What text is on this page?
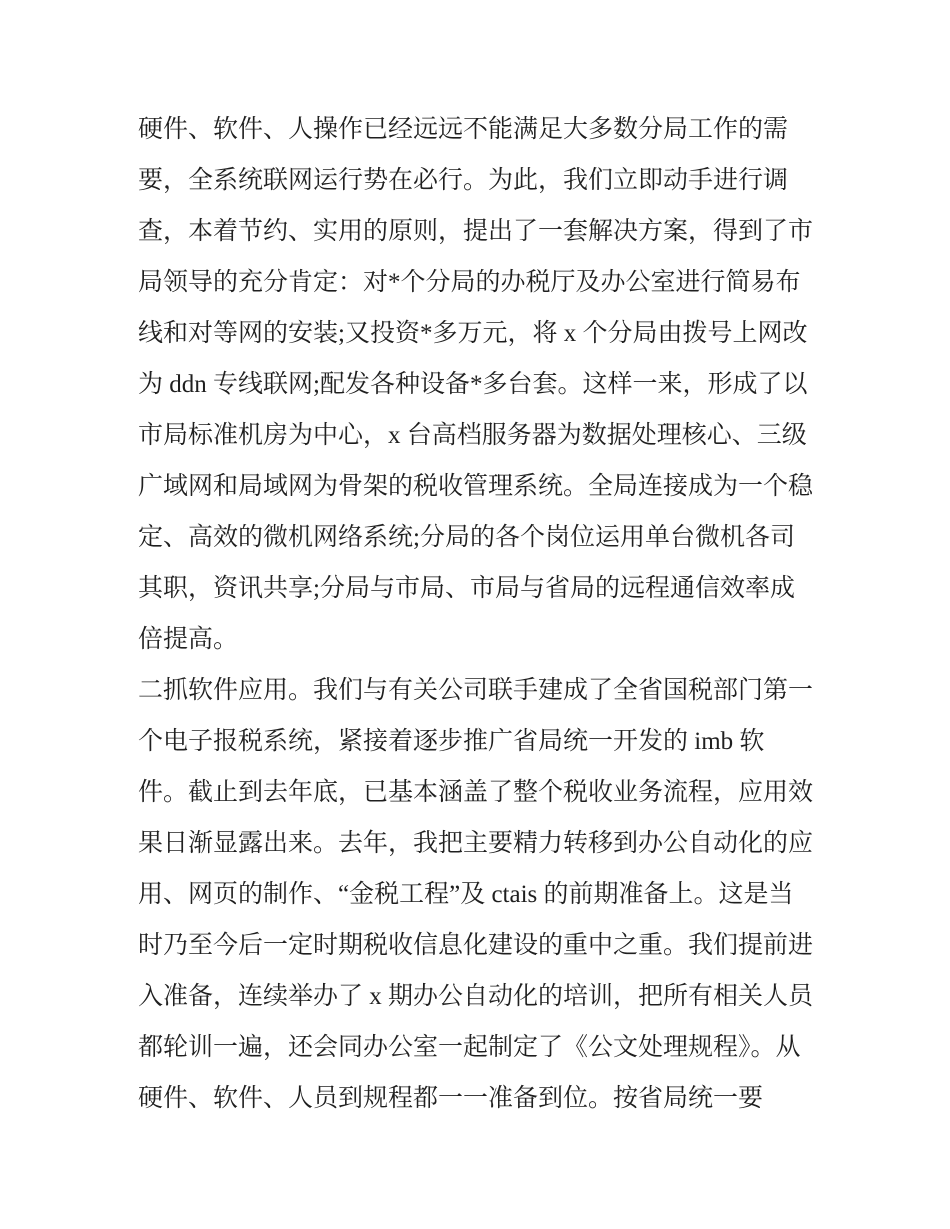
硬件、软件、人操作已经远远不能满足大多数分局工作的需
要，全系统联网运行势在必行。为此，我们立即动手进行调
查，本着节约、实用的原则，提出了一套解决方案，得到了市
局领导的充分肯定：对*个分局的办税厅及办公室进行简易布
线和对等网的安装;又投资*多万元，将 x 个分局由拨号上网改
为 ddn 专线联网;配发各种设备*多台套。这样一来，形成了以
市局标准机房为中心，x 台高档服务器为数据处理核心、三级
广域网和局域网为骨架的税收管理系统。全局连接成为一个稳
定、高效的微机网络系统;分局的各个岗位运用单台微机各司
其职，资讯共享;分局与市局、市局与省局的远程通信效率成
倍提高。
二抓软件应用。我们与有关公司联手建成了全省国税部门第一
个电子报税系统，紧接着逐步推广省局统一开发的 imb 软
件。截止到去年底，已基本涵盖了整个税收业务流程，应用效
果日渐显露出来。去年，我把主要精力转移到办公自动化的应
用、网页的制作、“金税工程”及 ctais 的前期准备上。这是当
时乃至今后一定时期税收信息化建设的重中之重。我们提前进
入准备，连续举办了 x 期办公自动化的培训，把所有相关人员
都轮训一遍，还会同办公室一起制定了《公文处理规程》。从
硬件、软件、人员到规程都一一准备到位。按省局统一要
